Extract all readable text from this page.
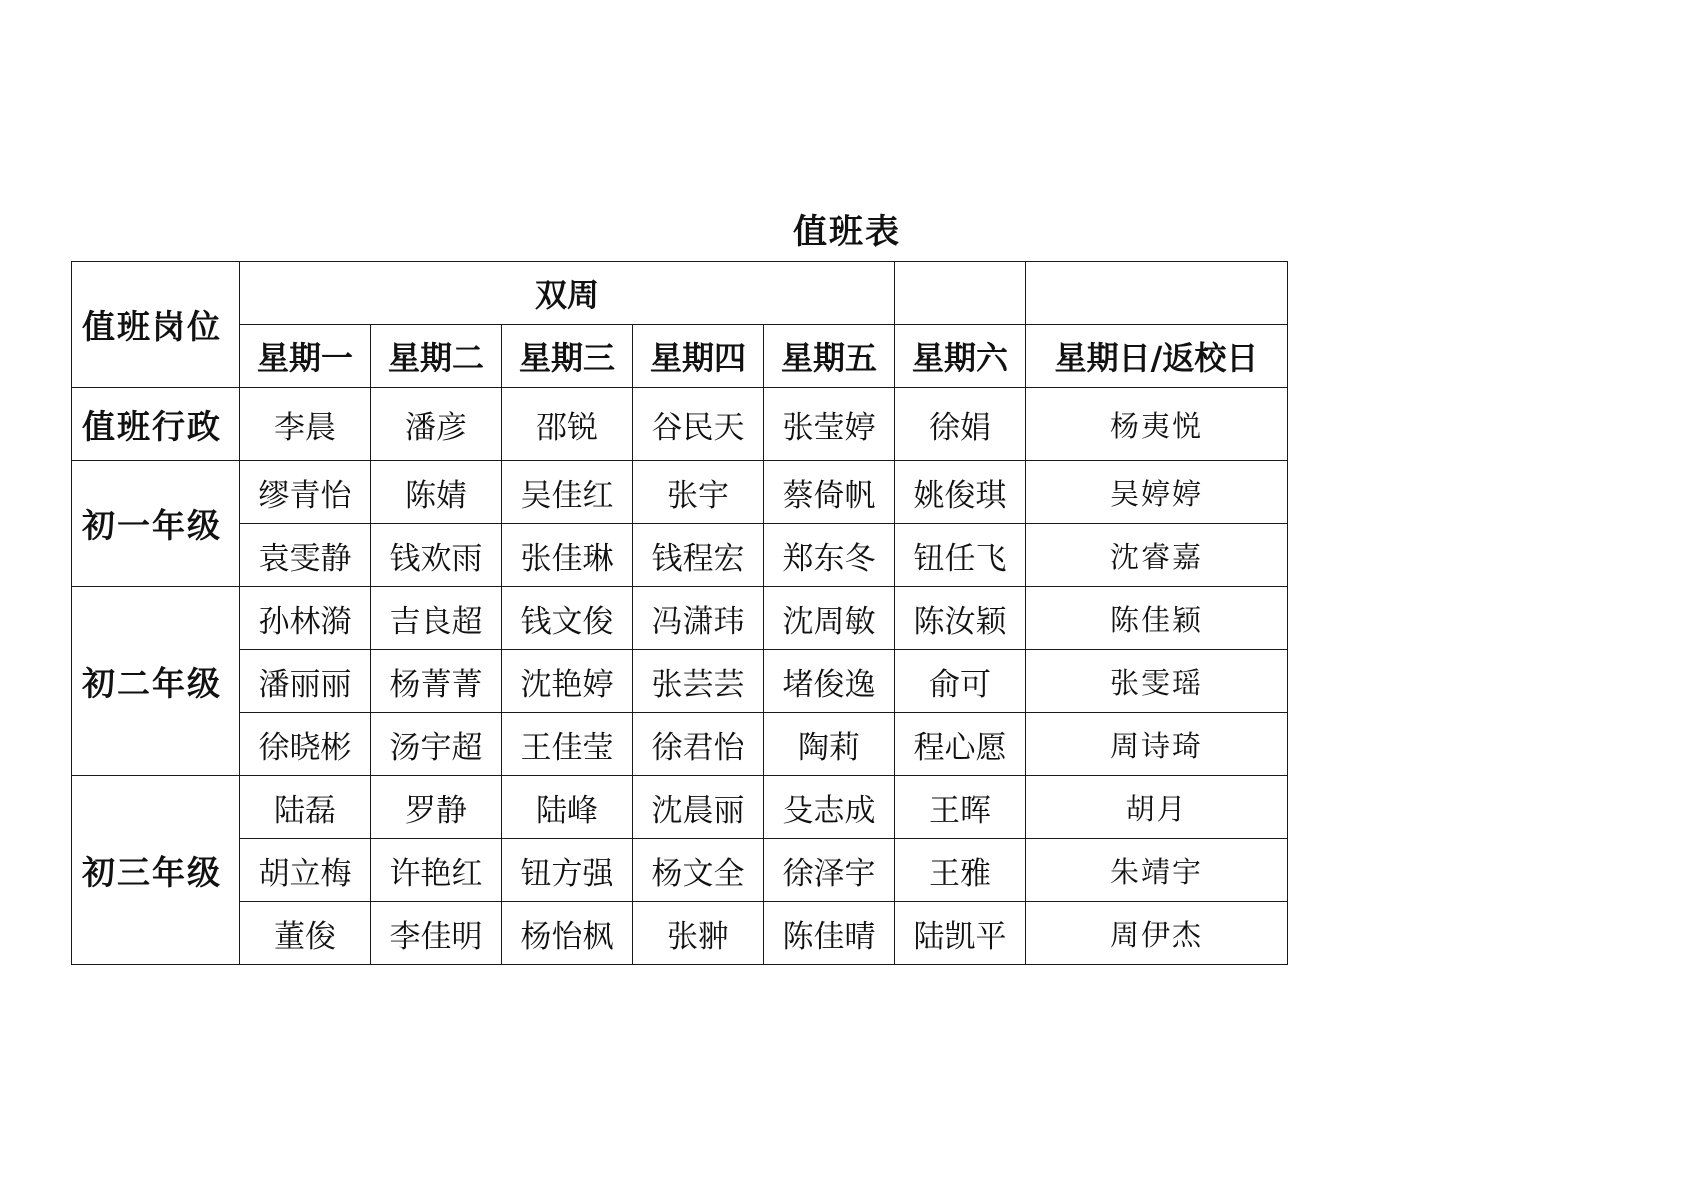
值班表
值班岗位	双周						
	星期一	星期二	星期三	星期四	星期五	星期六	星期日/返校日
值班行政	李晨	潘彦	邵锐	谷民天	张莹婷	徐娟	杨夷悦
初一年级	缪青怡	陈婧	吴佳红	张宇	蔡倚帆	姚俊琪	吴婷婷
	袁雯静	钱欢雨	张佳琳	钱程宏	郑东冬	钮任飞	沈睿嘉
初二年级	孙林漪	吉良超	钱文俊	冯潇玮	沈周敏	陈汝颖	陈佳颖
	潘丽丽	杨菁菁	沈艳婷	张芸芸	堵俊逸	俞可	张雯瑶
	徐晓彬	汤宇超	王佳莹	徐君怡	陶莉	程心愿	周诗琦
初三年级	陆磊	罗静	陆峰	沈晨丽	殳志成	王晖	胡月
	胡立梅	许艳红	钮方强	杨文全	徐泽宇	王雅	朱靖宇
	董俊	李佳明	杨怡枫	张翀	陈佳晴	陆凯平	周伊杰
